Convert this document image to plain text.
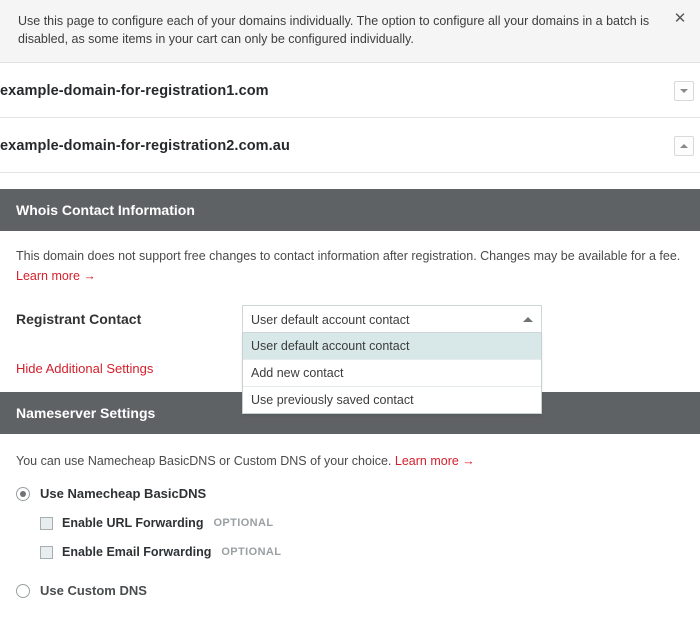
Use this page to configure each of your domains individually. The option to configure all your domains in a batch is disabled, as some items in your cart can only be configured individually.
✕
example-domain-for-registration1.com
example-domain-for-registration2.com.au
Whois Contact Information
This domain does not support free changes to contact information after registration. Changes may be available for a fee.
Learn more →
Registrant Contact	User default account contact
User default account contact
Add new contact
Use previously saved contact
Hide Additional Settings
Nameserver Settings
You can use Namecheap BasicDNS or Custom DNS of your choice. Learn more →
Use Namecheap BasicDNS
Enable URL Forwarding OPTIONAL
Enable Email Forwarding OPTIONAL
Use Custom DNS
